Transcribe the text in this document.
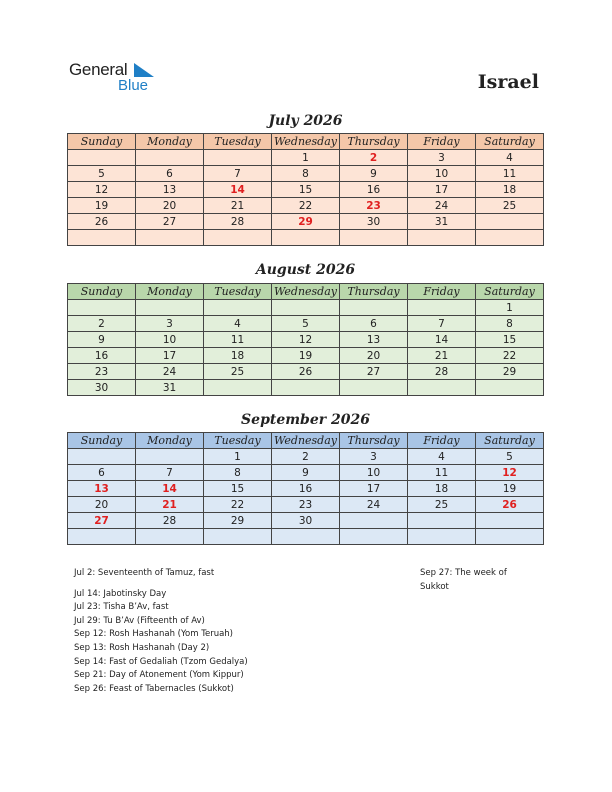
General
Blue	Israel
July 2026
Sunday	Monday	Tuesday	Wednesday	Thursday	Friday	Saturday
			1	2	3	4
5	6	7	8	9	10	11
12	13	14	15	16	17	18
19	20	21	22	23	24	25
26	27	28	29	30	31	

August 2026
Sunday	Monday	Tuesday	Wednesday	Thursday	Friday	Saturday
						1
2	3	4	5	6	7	8
9	10	11	12	13	14	15
16	17	18	19	20	21	22
23	24	25	26	27	28	29
30	31					
September 2026
Sunday	Monday	Tuesday	Wednesday	Thursday	Friday	Saturday
		1	2	3	4	5
6	7	8	9	10	11	12
13	14	15	16	17	18	19
20	21	22	23	24	25	26
27	28	29	30			

Jul 2: Seventeenth of Tamuz, fast
Jul 14: Jabotinsky Day
Jul 23: Tisha B’Av, fast
Jul 29: Tu B’Av (Fifteenth of Av)
Sep 12: Rosh Hashanah (Yom Teruah)
Sep 13: Rosh Hashanah (Day 2)
Sep 14: Fast of Gedaliah (Tzom Gedalya)
Sep 21: Day of Atonement (Yom Kippur)
Sep 26: Feast of Tabernacles (Sukkot)
Sep 27: The week of
Sukkot
